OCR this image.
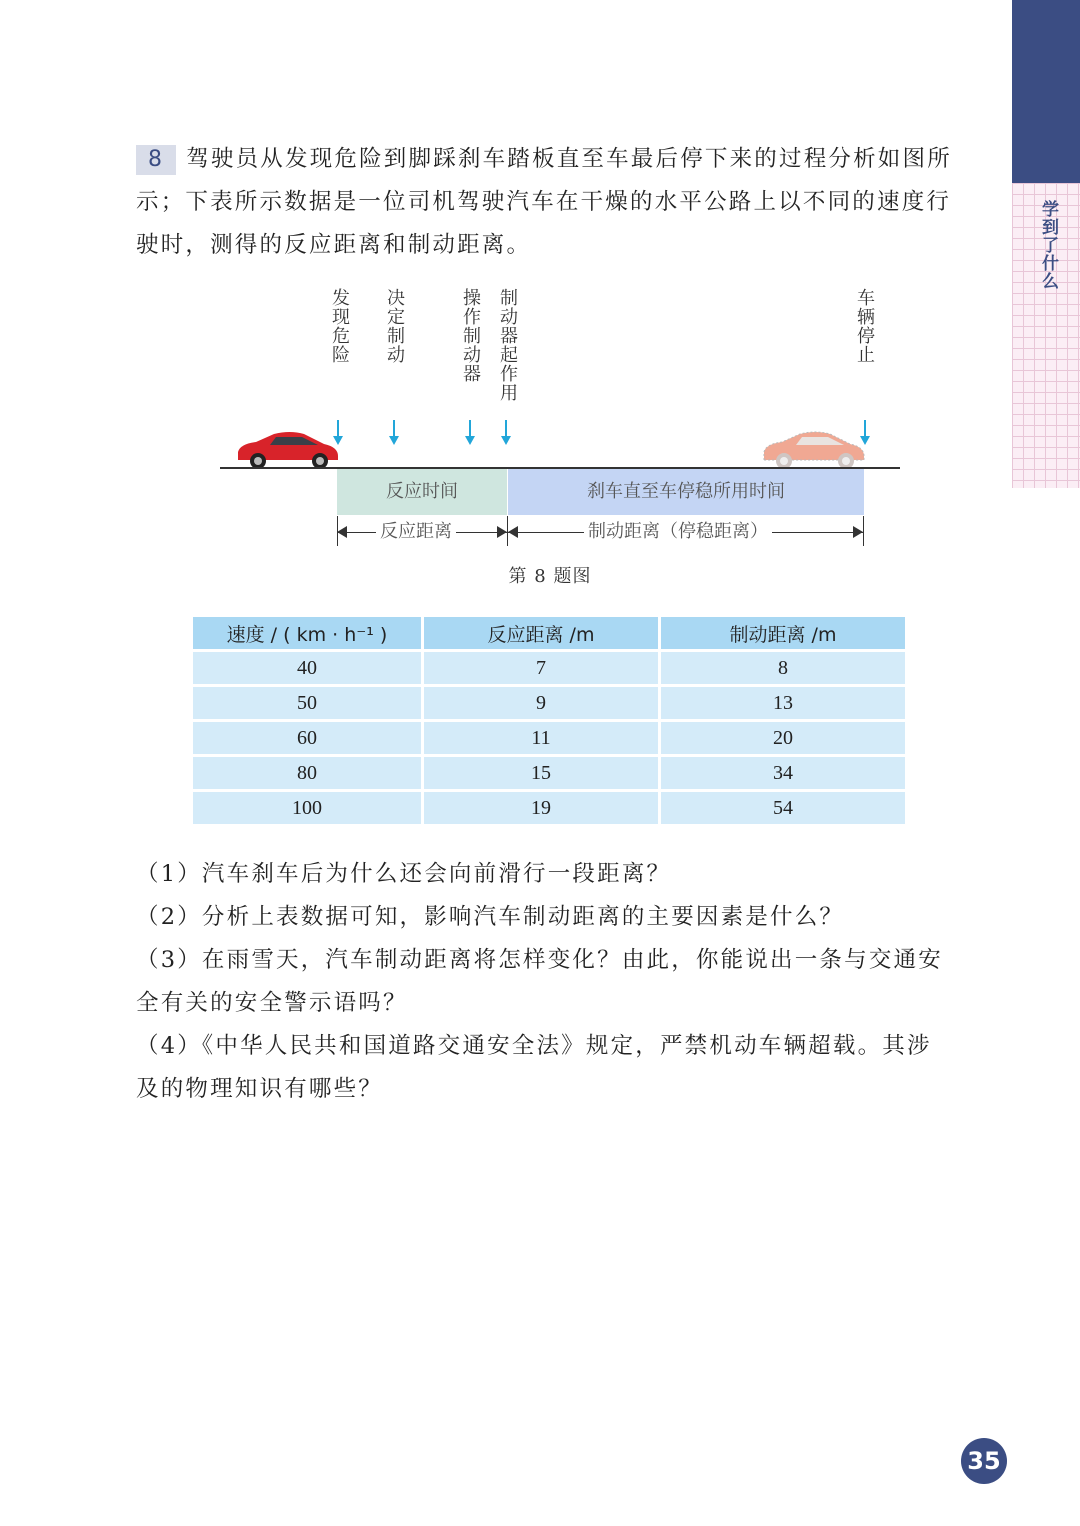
学到了什么
8 驾驶员从发现危险到脚踩刹车踏板直至车最后停下来的过程分析如图所
示；下表所示数据是一位司机驾驶汽车在干燥的水平公路上以不同的速度行
驶时，测得的反应距离和制动距离。
发现危险 决定制动	操作制动器 制动器起作用	车辆停止
反应时间	刹车直至车停稳所用时间
反应距离	制动距离（停稳距离）
第 8 题图
速度 / ( km · h⁻¹ )	反应距离 /m	制动距离 /m
40	7	8
50	9	13
60	11	20
80	15	34
100	19	54
（1）汽车刹车后为什么还会向前滑行一段距离？
（2）分析上表数据可知，影响汽车制动距离的主要因素是什么？
（3）在雨雪天，汽车制动距离将怎样变化？由此，你能说出一条与交通安
全有关的安全警示语吗？
（4）《中华人民共和国道路交通安全法》规定，严禁机动车辆超载。其涉
及的物理知识有哪些？
35
